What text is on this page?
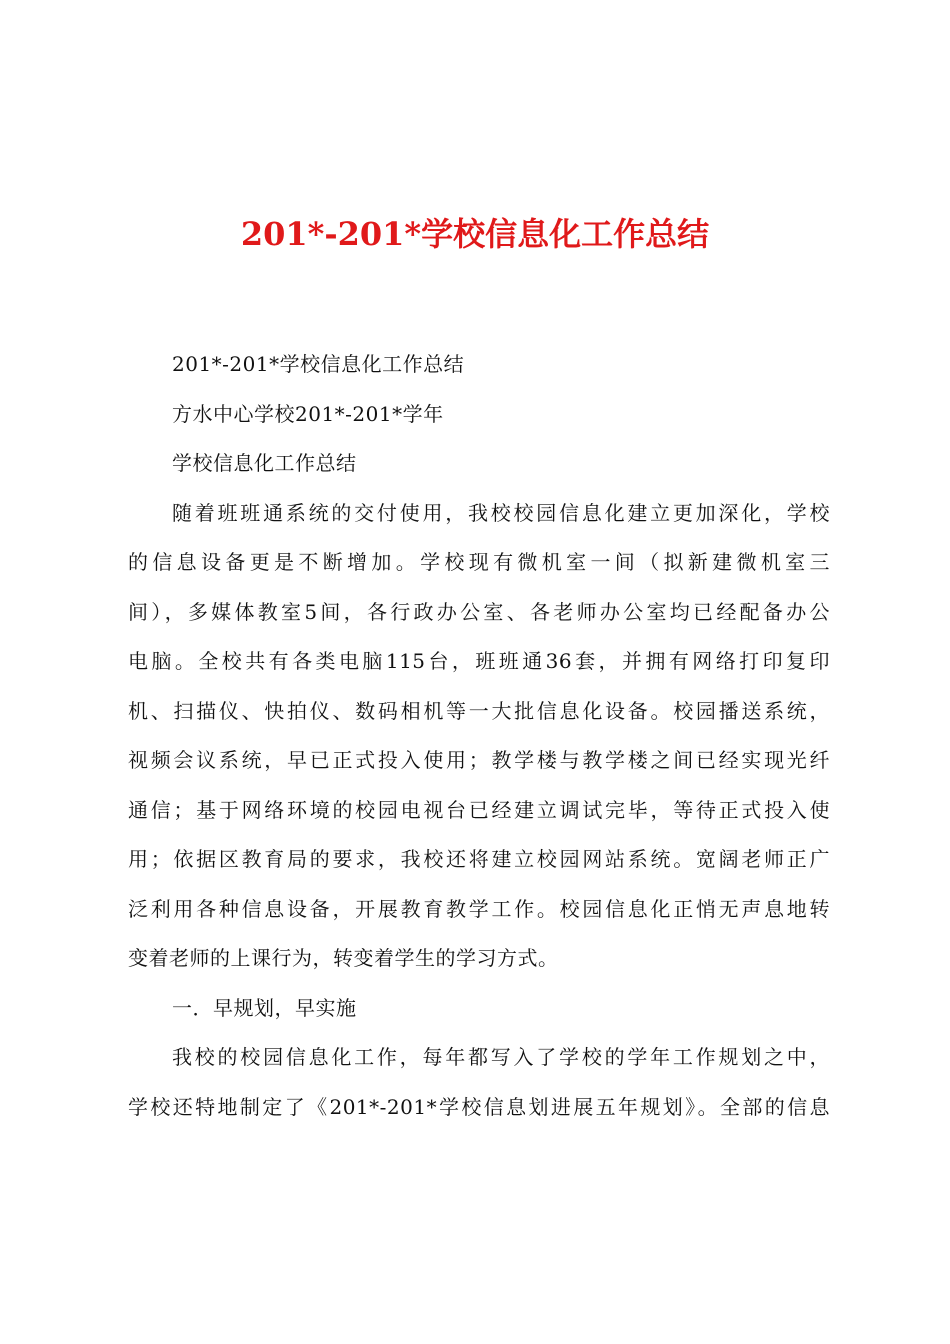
201*-201*学校信息化工作总结

201*-201*学校信息化工作总结

方水中心学校201*-201*学年

学校信息化工作总结

随着班班通系统的交付使用，我校校园信息化建立更加深化，学校

的信息设备更是不断增加。学校现有微机室一间（拟新建微机室三

间），多媒体教室5间，各行政办公室、各老师办公室均已经配备办公

电脑。全校共有各类电脑115台，班班通36套，并拥有网络打印复印

机、扫描仪、快拍仪、数码相机等一大批信息化设备。校园播送系统，

视频会议系统，早已正式投入使用；教学楼与教学楼之间已经实现光纤

通信；基于网络环境的校园电视台已经建立调试完毕，等待正式投入使

用；依据区教育局的要求，我校还将建立校园网站系统。宽阔老师正广

泛利用各种信息设备，开展教育教学工作。校园信息化正悄无声息地转

变着老师的上课行为，转变着学生的学习方式。

一．早规划，早实施

我校的校园信息化工作，每年都写入了学校的学年工作规划之中，

学校还特地制定了《201*-201*学校信息划进展五年规划》。全部的信息
